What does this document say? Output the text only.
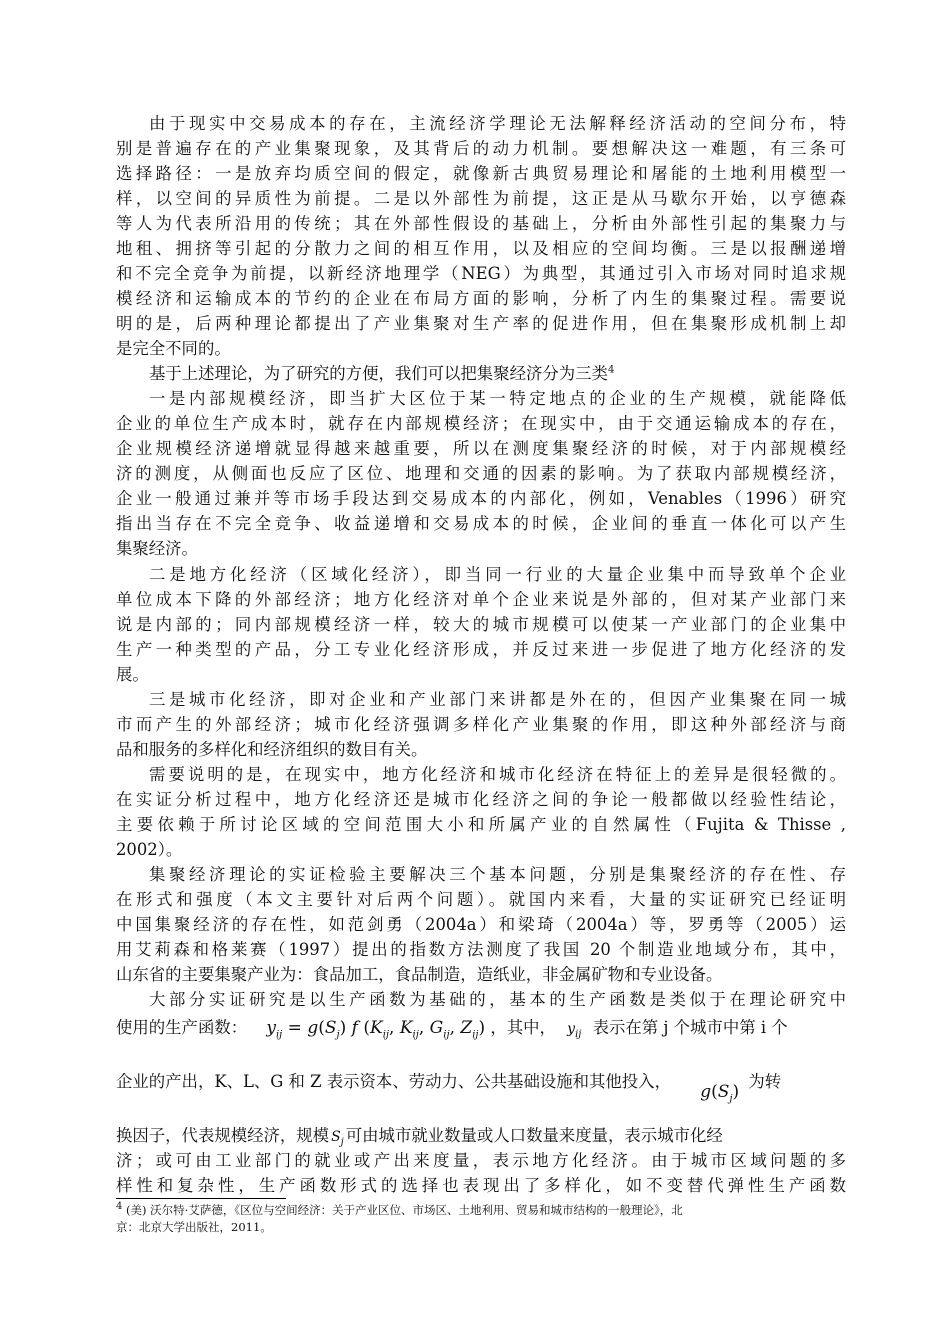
由于现实中交易成本的存在，主流经济学理论无法解释经济活动的空间分布，特
别是普遍存在的产业集聚现象，及其背后的动力机制。要想解决这一难题，有三条可
选择路径：一是放弃均质空间的假定，就像新古典贸易理论和屠能的土地利用模型一
样，以空间的异质性为前提。二是以外部性为前提，这正是从马歇尔开始，以亨德森
等人为代表所沿用的传统；其在外部性假设的基础上，分析由外部性引起的集聚力与
地租、拥挤等引起的分散力之间的相互作用，以及相应的空间均衡。三是以报酬递增
和不完全竞争为前提，以新经济地理学（NEG）为典型，其通过引入市场对同时追求规
模经济和运输成本的节约的企业在布局方面的影响，分析了内生的集聚过程。需要说
明的是，后两种理论都提出了产业集聚对生产率的促进作用，但在集聚形成机制上却
是完全不同的。
基于上述理论，为了研究的方便，我们可以把集聚经济分为三类$^4$
一是内部规模经济，即当扩大区位于某一特定地点的企业的生产规模，就能降低
企业的单位生产成本时，就存在内部规模经济；在现实中，由于交通运输成本的存在，
企业规模经济递增就显得越来越重要，所以在测度集聚经济的时候，对于内部规模经
济的测度，从侧面也反应了区位、地理和交通的因素的影响。为了获取内部规模经济，
企业一般通过兼并等市场手段达到交易成本的内部化，例如，Venables（1996）研究
指出当存在不完全竞争、收益递增和交易成本的时候，企业间的垂直一体化可以产生
集聚经济。
二是地方化经济（区域化经济），即当同一行业的大量企业集中而导致单个企业
单位成本下降的外部经济；地方化经济对单个企业来说是外部的，但对某产业部门来
说是内部的；同内部规模经济一样，较大的城市规模可以使某一产业部门的企业集中
生产一种类型的产品，分工专业化经济形成，并反过来进一步促进了地方化经济的发
展。
三是城市化经济，即对企业和产业部门来讲都是外在的，但因产业集聚在同一城
市而产生的外部经济；城市化经济强调多样化产业集聚的作用，即这种外部经济与商
品和服务的多样化和经济组织的数目有关。
需要说明的是，在现实中，地方化经济和城市化经济在特征上的差异是很轻微的。
在实证分析过程中，地方化经济还是城市化经济之间的争论一般都做以经验性结论，
主要依赖于所讨论区域的空间范围大小和所属产业的自然属性（Fujita & Thisse ,
2002）。
集聚经济理论的实证检验主要解决三个基本问题，分别是集聚经济的存在性、存
在形式和强度（本文主要针对后两个问题）。就国内来看，大量的实证研究已经证明
中国集聚经济的存在性，如范剑勇（2004a）和梁琦（2004a）等，罗勇等（2005）运
用艾莉森和格莱赛（1997）提出的指数方法测度了我国 20 个制造业地域分布，其中，
山东省的主要集聚产业为：食品加工，食品制造，造纸业，非金属矿物和专业设备。
大部分实证研究是以生产函数为基础的，基本的生产函数是类似于在理论研究中
使用的生产函数： $y_{ij} = g(S_j)$ f ($K_{ij}$, $K_{ij}$, $G_{ij}$, $Z_{ij}$) ，其中， $y_{ij}$ 表示在第 j 个城市中第 i 个
企业的产出，K、L、G 和 Z 表示资本、劳动力、公共基础设施和其他投入， $g(S_j)$ 为转
换因子，代表规模经济，规模 $S_j$ 可由城市就业数量或人口数量来度量，表示城市化经
济；或可由工业部门的就业或产出来度量，表示地方化经济。由于城市区域问题的多
样性和复杂性，生产函数形式的选择也表现出了多样化，如不变替代弹性生产函数
$^4$ (美) 沃尔特·艾萨德，《区位与空间经济：关于产业区位、市场区、土地利用、贸易和城市结构的一般理论》，北
京：北京大学出版社，2011。
